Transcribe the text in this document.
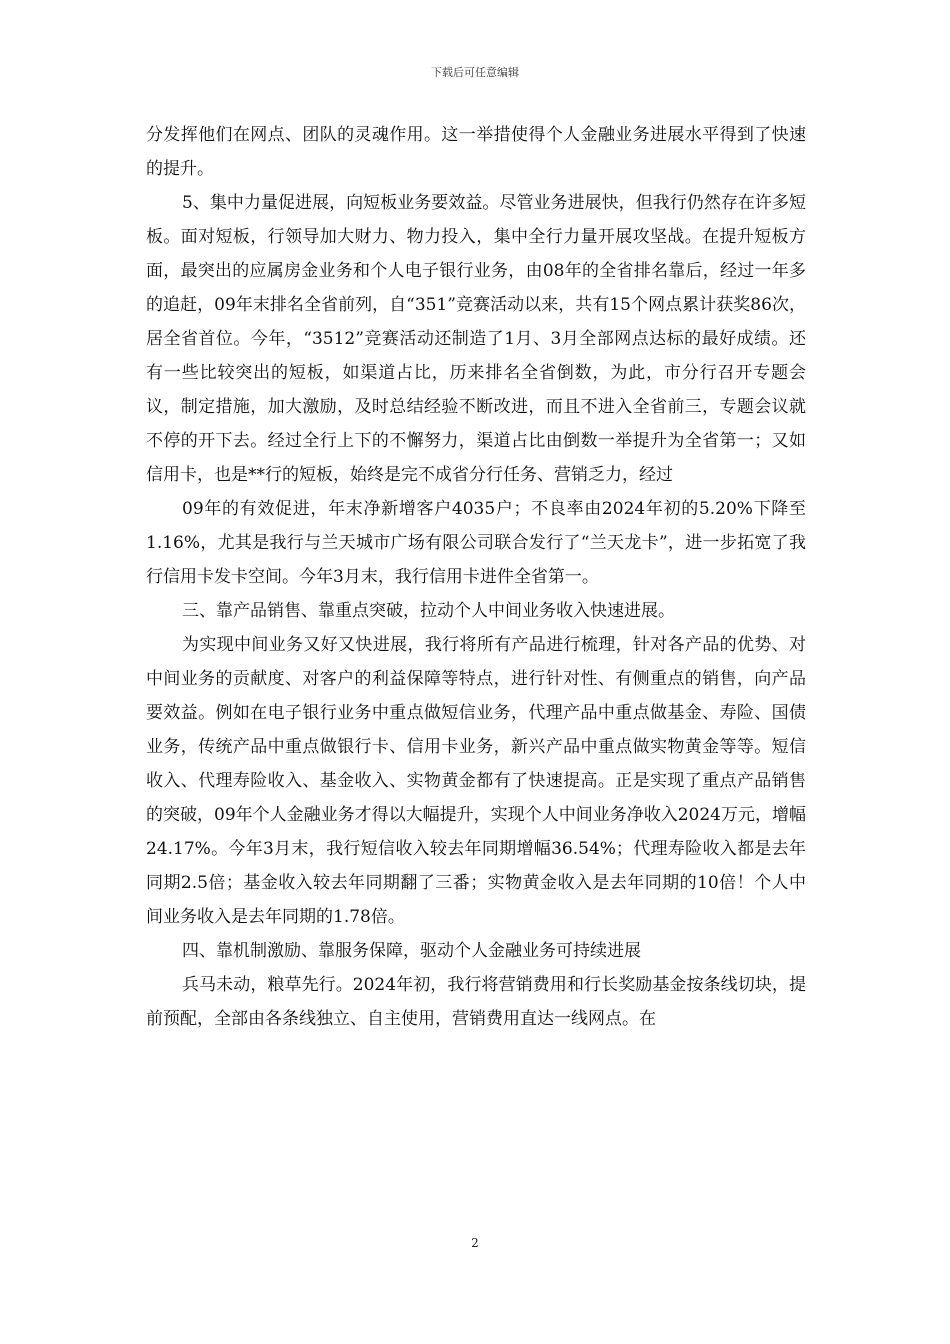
下载后可任意编辑

分发挥他们在网点、团队的灵魂作用。这一举措使得个人金融业务进展水平得到了快速的提升。

5、集中力量促进展，向短板业务要效益。尽管业务进展快，但我行仍然存在许多短板。面对短板，行领导加大财力、物力投入，集中全行力量开展攻坚战。在提升短板方面，最突出的应属房金业务和个人电子银行业务，由08年的全省排名靠后，经过一年多的追赶，09年末排名全省前列，自“351”竞赛活动以来，共有15个网点累计获奖86次，居全省首位。今年，“3512”竞赛活动还制造了1月、3月全部网点达标的最好成绩。还有一些比较突出的短板，如渠道占比，历来排名全省倒数，为此，市分行召开专题会议，制定措施，加大激励，及时总结经验不断改进，而且不进入全省前三，专题会议就不停的开下去。经过全行上下的不懈努力，渠道占比由倒数一举提升为全省第一；又如信用卡，也是**行的短板，始终是完不成省分行任务、营销乏力，经过

09年的有效促进，年末净新增客户4035户；不良率由2024年初的5.20%下降至1.16%，尤其是我行与兰天城市广场有限公司联合发行了“兰天龙卡”，进一步拓宽了我行信用卡发卡空间。今年3月末，我行信用卡进件全省第一。

三、靠产品销售、靠重点突破，拉动个人中间业务收入快速进展。

为实现中间业务又好又快进展，我行将所有产品进行梳理，针对各产品的优势、对中间业务的贡献度、对客户的利益保障等特点，进行针对性、有侧重点的销售，向产品要效益。例如在电子银行业务中重点做短信业务，代理产品中重点做基金、寿险、国债业务，传统产品中重点做银行卡、信用卡业务，新兴产品中重点做实物黄金等等。短信收入、代理寿险收入、基金收入、实物黄金都有了快速提高。正是实现了重点产品销售的突破，09年个人金融业务才得以大幅提升，实现个人中间业务净收入2024万元，增幅24.17%。今年3月末，我行短信收入较去年同期增幅36.54%；代理寿险收入都是去年同期2.5倍；基金收入较去年同期翻了三番；实物黄金收入是去年同期的10倍！个人中间业务收入是去年同期的1.78倍。

四、靠机制激励、靠服务保障，驱动个人金融业务可持续进展

兵马未动，粮草先行。2024年初，我行将营销费用和行长奖励基金按条线切块，提前预配，全部由各条线独立、自主使用，营销费用直达一线网点。在

2
